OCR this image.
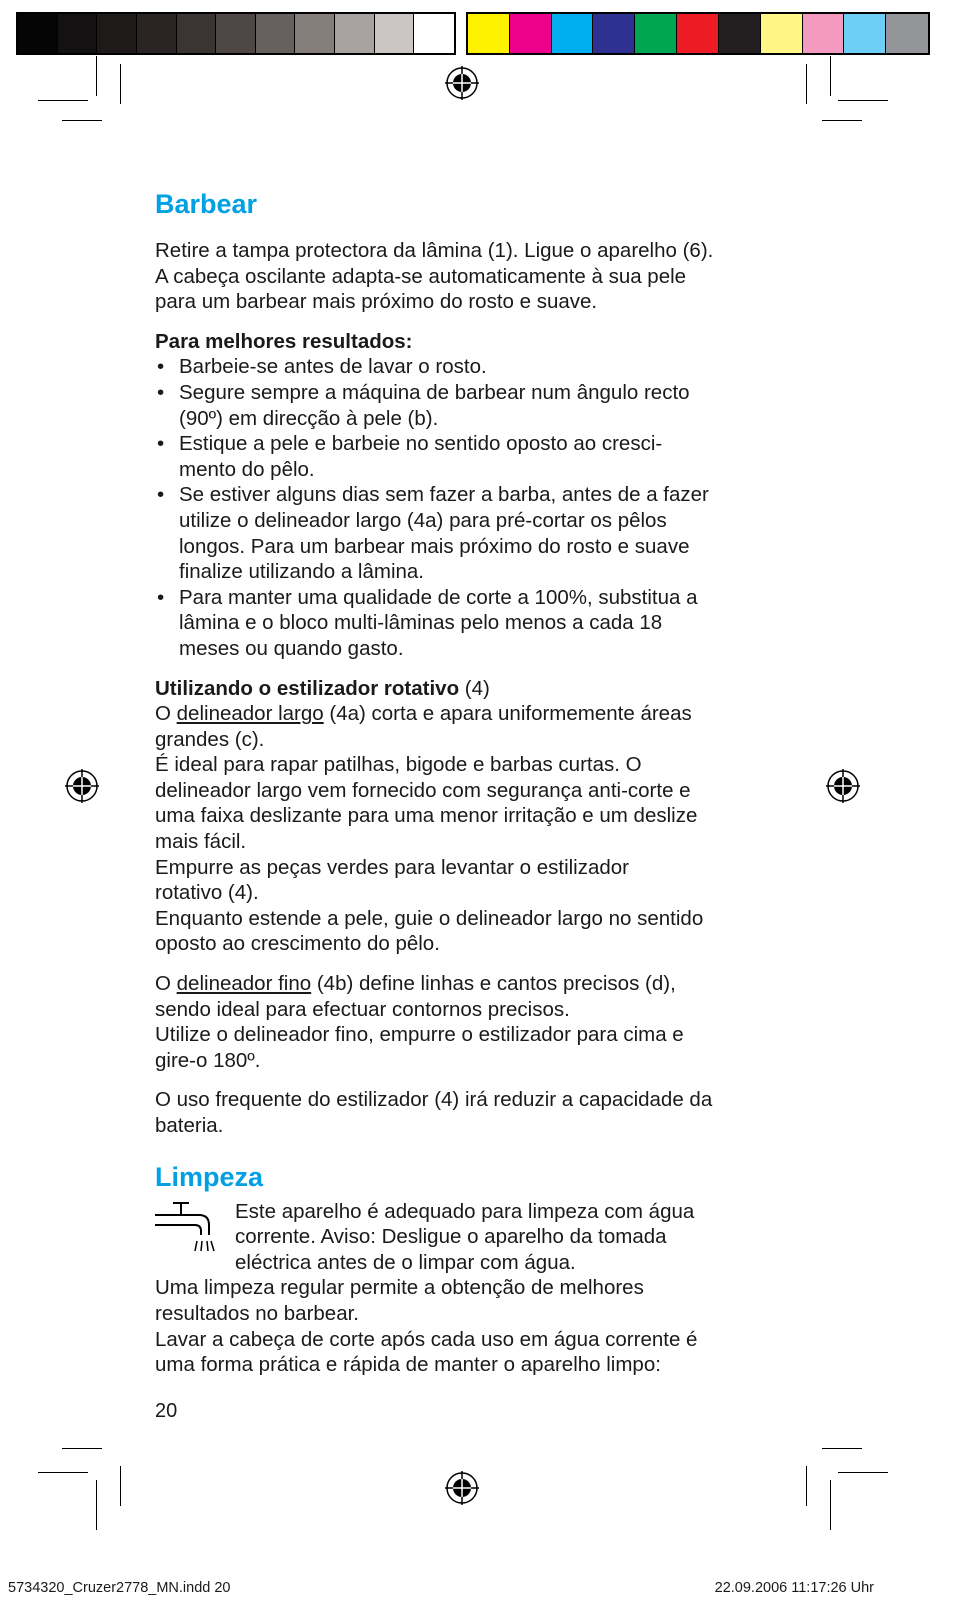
Barbear

Retire a tampa protectora da lâmina (1). Ligue o aparelho (6).
A cabeça oscilante adapta-se automaticamente à sua pele
para um barbear mais próximo do rosto e suave.

Para melhores resultados:

• Barbeie-se antes de lavar o rosto.
• Segure sempre a máquina de barbear num ângulo recto
(90º) em direcção à pele (b).
• Estique a pele e barbeie no sentido oposto ao cresci-
mento do pêlo.
• Se estiver alguns dias sem fazer a barba, antes de a fazer
utilize o delineador largo (4a) para pré-cortar os pêlos
longos. Para um barbear mais próximo do rosto e suave
finalize utilizando a lâmina.
• Para manter uma qualidade de corte a 100%, substitua a
lâmina e o bloco multi-lâminas pelo menos a cada 18
meses ou quando gasto.

Utilizando o estilizador rotativo (4)
O delineador largo (4a) corta e apara uniformemente áreas
grandes (c).
É ideal para rapar patilhas, bigode e barbas curtas. O
delineador largo vem fornecido com segurança anti-corte e
uma faixa deslizante para uma menor irritação e um deslize
mais fácil.
Empurre as peças verdes para levantar o estilizador
rotativo (4).
Enquanto estende a pele, guie o delineador largo no sentido
oposto ao crescimento do pêlo.

O delineador fino (4b) define linhas e cantos precisos (d),
sendo ideal para efectuar contornos precisos.
Utilize o delineador fino, empurre o estilizador para cima e
gire-o 180º.

O uso frequente do estilizador (4) irá reduzir a capacidade da
bateria.

Limpeza
Este aparelho é adequado para limpeza com água
corrente. Aviso: Desligue o aparelho da tomada
eléctrica antes de o limpar com água.

Uma limpeza regular permite a obtenção de melhores
resultados no barbear.
Lavar a cabeça de corte após cada uso em água corrente é
uma forma prática e rápida de manter o aparelho limpo:

20
5734320_Cruzer2778_MN.indd 20	22.09.2006 11:17:26 Uhr
